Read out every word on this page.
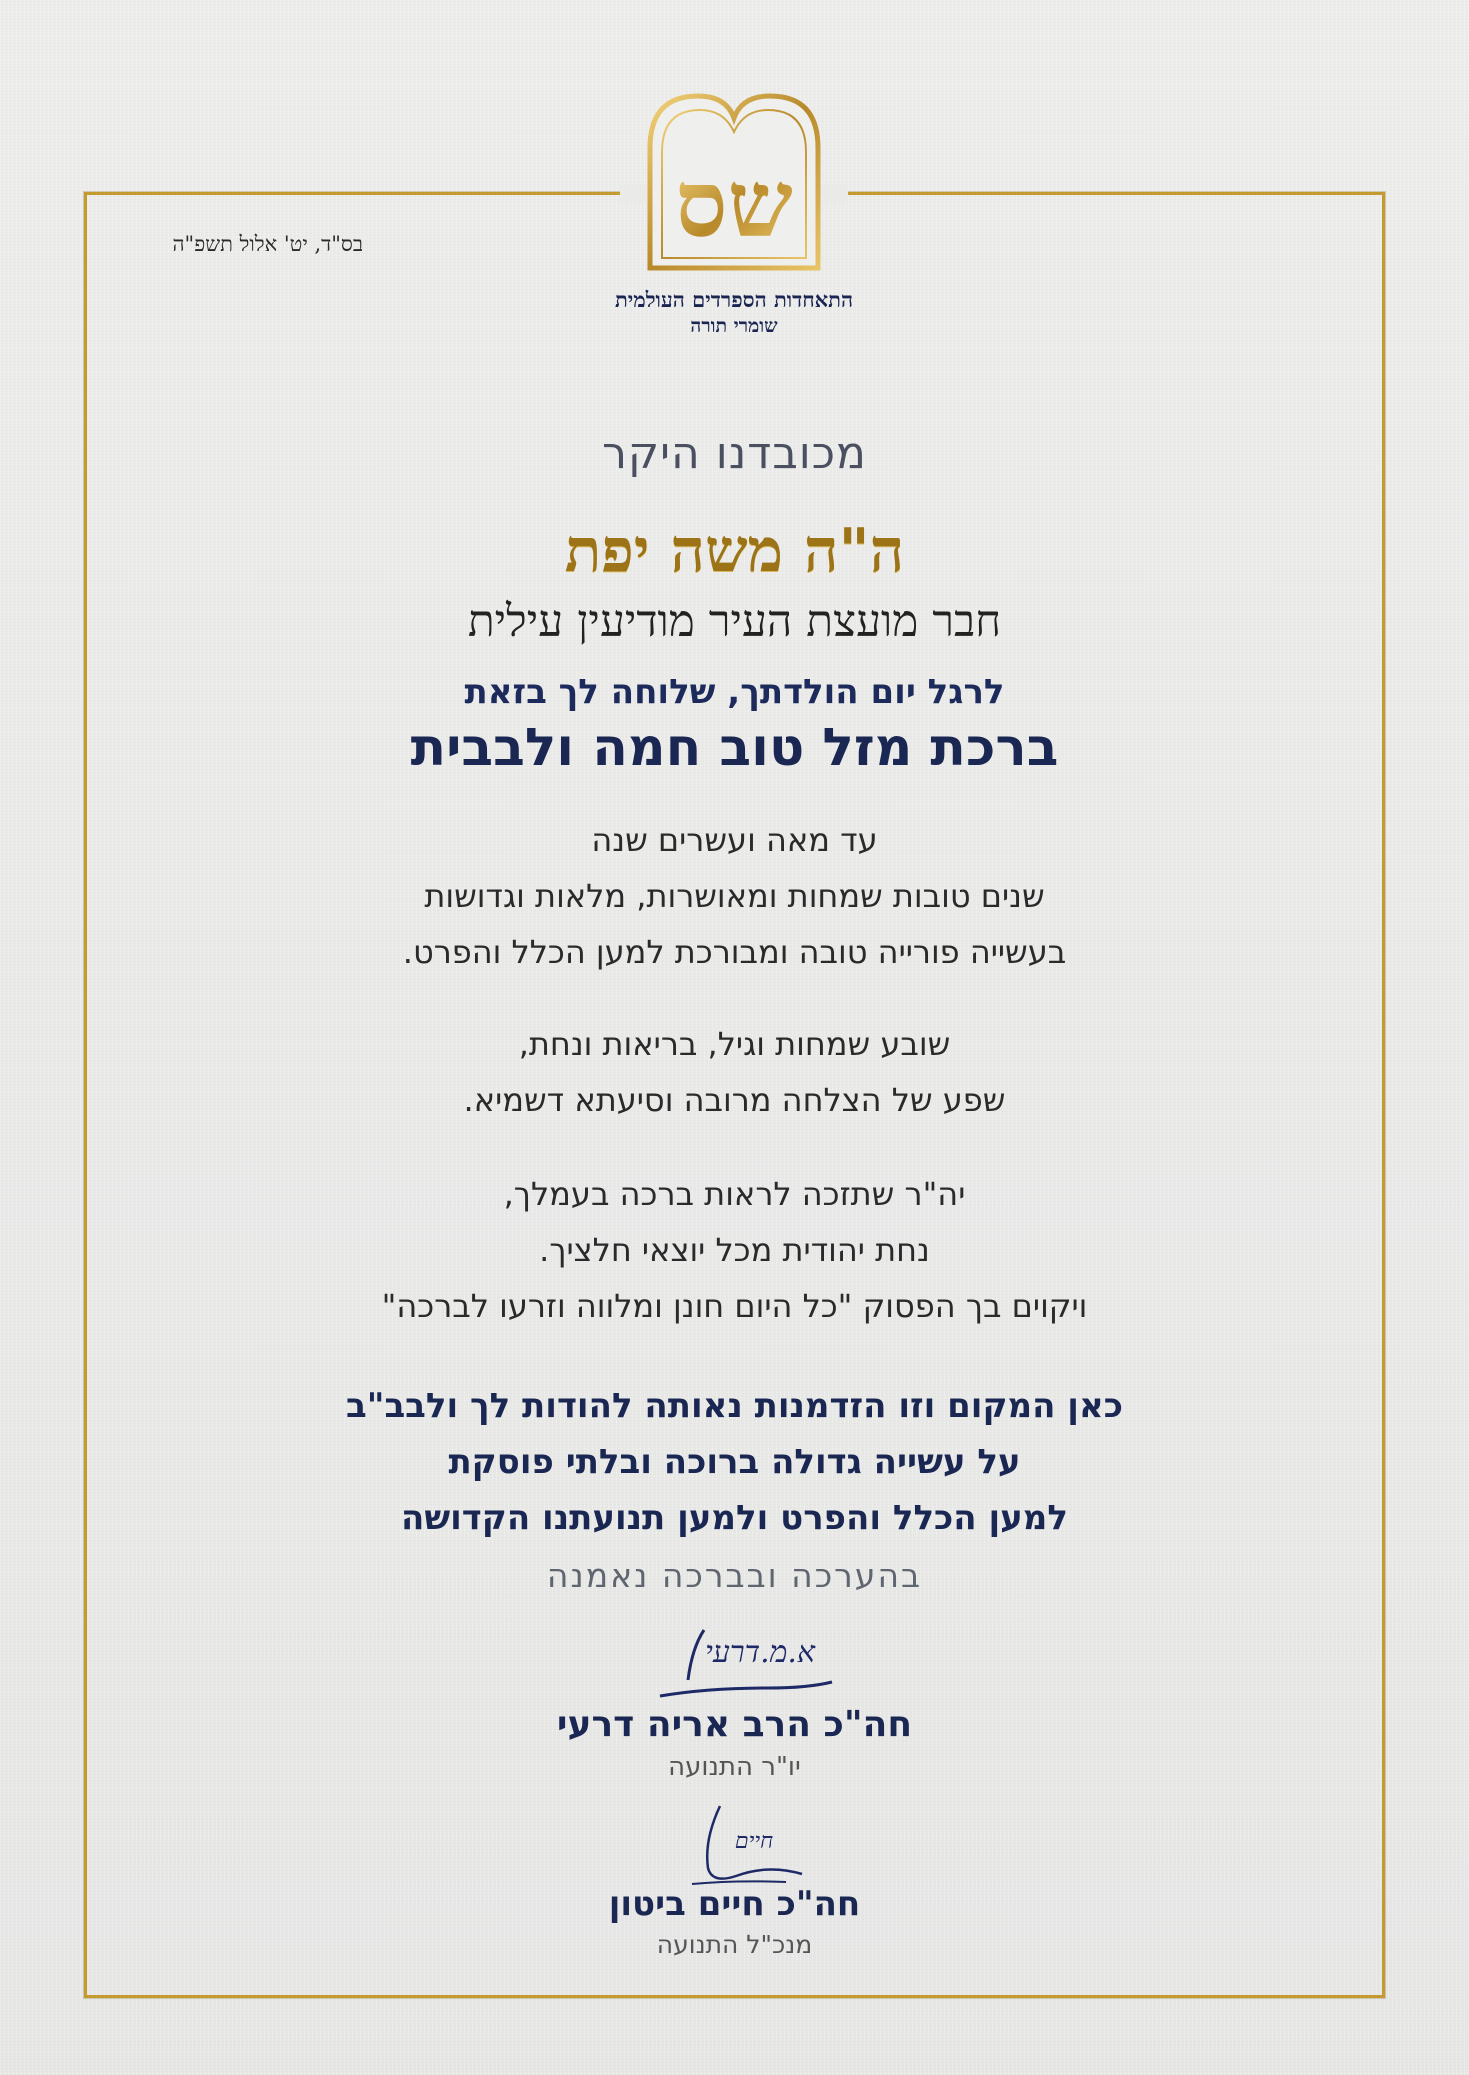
שס
התאחדות הספרדים העולמית
שומרי תורה
בס"ד, יט' אלול תשפ"ה
מכובדנו היקר
ה"ה משה יפת
חבר מועצת העיר מודיעין עילית
לרגל יום הולדתך, שלוחה לך בזאת
ברכת מזל טוב חמה ולבבית
עד מאה ועשרים שנה
שנים טובות שמחות ומאושרות, מלאות וגדושות
בעשייה פורייה טובה ומבורכת למען הכלל והפרט.
שובע שמחות וגיל, בריאות ונחת,
שפע של הצלחה מרובה וסיעתא דשמיא.
יה"ר שתזכה לראות ברכה בעמלך,
נחת יהודית מכל יוצאי חלציך.
ויקוים בך הפסוק "כל היום חונן ומלווה וזרעו לברכה"
כאן המקום וזו הזדמנות נאותה להודות לך ולבב"ב
על עשייה גדולה ברוכה ובלתי פוסקת
למען הכלל והפרט ולמען תנועתנו הקדושה
בהערכה ובברכה נאמנה
א.מ.דרעי
חה"כ הרב אריה דרעי
יו"ר התנועה
חיים
חה"כ חיים ביטון
מנכ"ל התנועה
